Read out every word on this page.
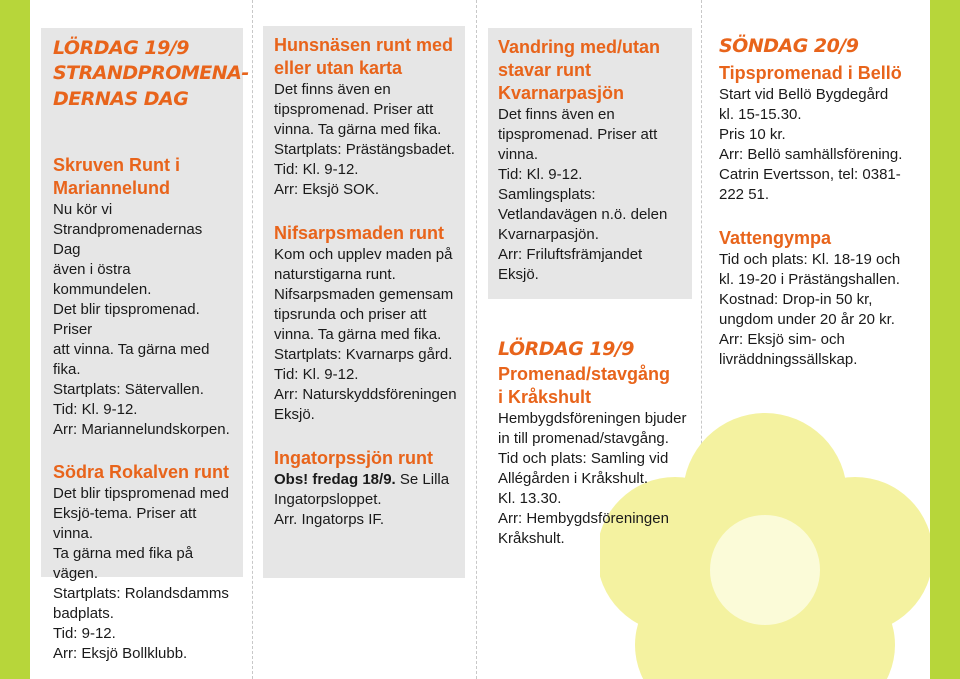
LÖRDAG 19/9
STRANDPROMENA-
DERNAS DAG
Skruven Runt i
Mariannelund
Nu kör vi
Strandpromenadernas Dag
även i östra kommundelen.
Det blir tipspromenad. Priser
att vinna. Ta gärna med fika.
Startplats: Sätervallen.
Tid: Kl. 9-12.
Arr: Mariannelundskorpen.
Södra Rokalven runt
Det blir tipspromenad med
Eksjö-tema. Priser att vinna.
Ta gärna med fika på vägen.
Startplats: Rolandsdamms
badplats.
Tid: 9-12.
Arr: Eksjö Bollklubb.
Hunsnäsen runt med
eller utan karta
Det finns även en
tipspromenad. Priser att
vinna. Ta gärna med fika.
Startplats: Prästängsbadet.
Tid: Kl. 9-12.
Arr: Eksjö SOK.
Nifsarpsmaden runt
Kom och upplev maden på
naturstigarna runt.
Nifsarpsmaden gemensam
tipsrunda och priser att
vinna. Ta gärna med fika.
Startplats: Kvarnarps gård.
Tid: Kl. 9-12.
Arr: Naturskyddsföreningen
Eksjö.
Ingatorpssjön runt
Obs! fredag 18/9. Se Lilla
Ingatorpsloppet.
Arr. Ingatorps IF.
Vandring med/utan
stavar runt
Kvarnarpasjön
Det finns även en
tipspromenad. Priser att
vinna.
Tid: Kl. 9-12.
Samlingsplats:
Vetlandavägen n.ö. delen
Kvarnarpasjön.
Arr: Friluftsfrämjandet Eksjö.
LÖRDAG 19/9
Promenad/stavgång
i Kråkshult
Hembygdsföreningen bjuder
in till promenad/stavgång.
Tid och plats: Samling vid
Allégården i Kråkshult.
Kl. 13.30.
Arr: Hembygdsföreningen
Kråkshult.
SÖNDAG 20/9
Tipspromenad i Bellö
Start vid Bellö Bygdegård
kl. 15-15.30.
Pris 10 kr.
Arr: Bellö samhällsförening.
Catrin Evertsson, tel: 0381-
222 51.
Vattengympa
Tid och plats: Kl. 18-19 och
kl. 19-20 i Prästängshallen.
Kostnad: Drop-in 50 kr,
ungdom under 20 år 20 kr.
Arr: Eksjö sim- och
livräddningssällskap.
